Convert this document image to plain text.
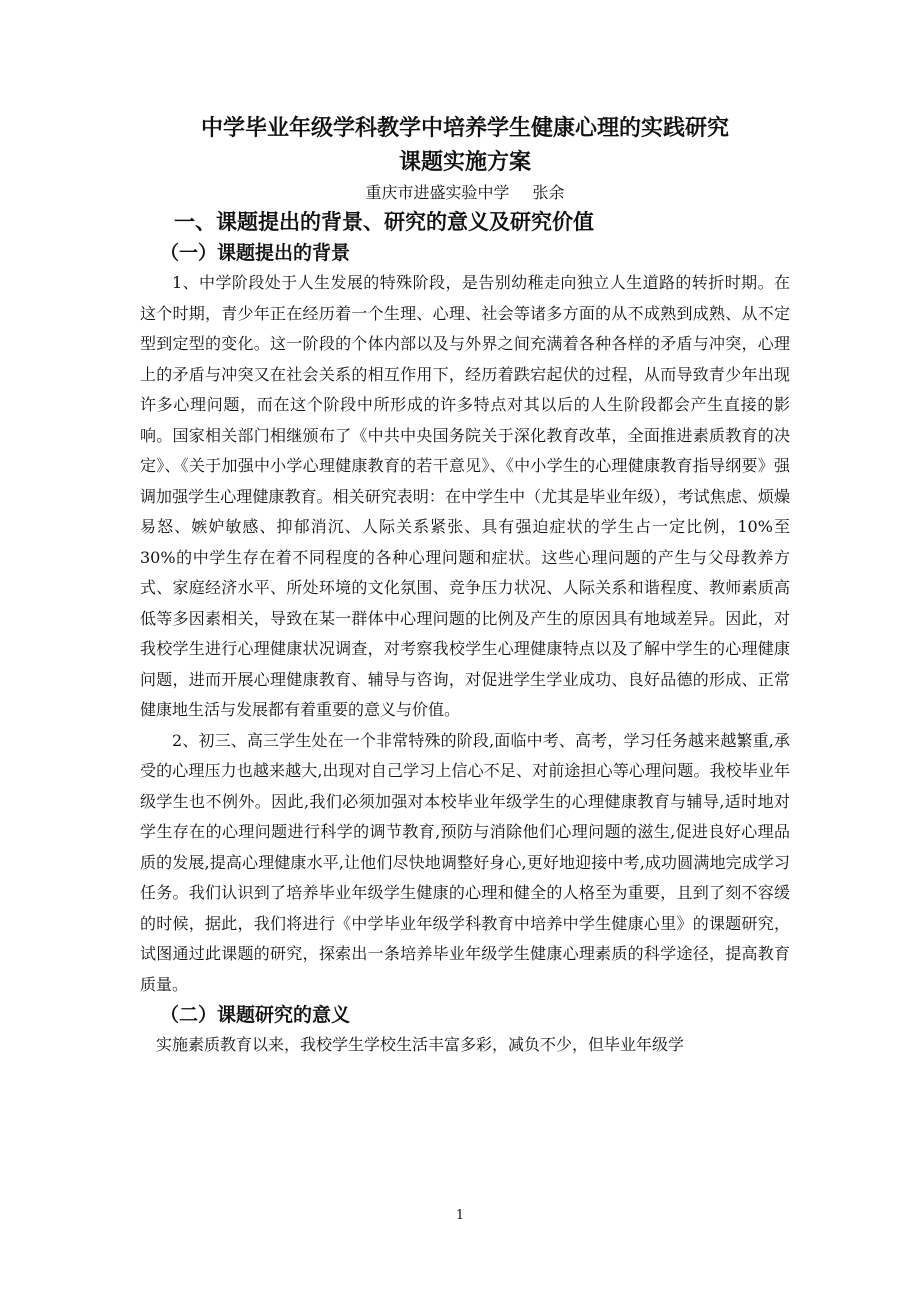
中学毕业年级学科教学中培养学生健康心理的实践研究
课题实施方案

重庆市进盛实验中学 张余

一、课题提出的背景、研究的意义及研究价值
（一）课题提出的背景

1、中学阶段处于人生发展的特殊阶段，是告别幼稚走向独立人生道路的转折时期。在这个时期，青少年正在经历着一个生理、心理、社会等诸多方面的从不成熟到成熟、从不定型到定型的变化。这一阶段的个体内部以及与外界之间充满着各种各样的矛盾与冲突，心理上的矛盾与冲突又在社会关系的相互作用下，经历着跌宕起伏的过程，从而导致青少年出现许多心理问题，而在这个阶段中所形成的许多特点对其以后的人生阶段都会产生直接的影响。国家相关部门相继颁布了《中共中央国务院关于深化教育改革，全面推进素质教育的决定》、《关于加强中小学心理健康教育的若干意见》、《中小学生的心理健康教育指导纲要》强调加强学生心理健康教育。相关研究表明：在中学生中（尤其是毕业年级），考试焦虑、烦燥易怒、嫉妒敏感、抑郁消沉、人际关系紧张、具有强迫症状的学生占一定比例，10%至 30%的中学生存在着不同程度的各种心理问题和症状。这些心理问题的产生与父母教养方式、家庭经济水平、所处环境的文化氛围、竞争压力状况、人际关系和谐程度、教师素质高低等多因素相关，导致在某一群体中心理问题的比例及产生的原因具有地域差异。因此，对我校学生进行心理健康状况调查，对考察我校学生心理健康特点以及了解中学生的心理健康问题，进而开展心理健康教育、辅导与咨询，对促进学生学业成功、良好品德的形成、正常健康地生活与发展都有着重要的意义与价值。

2、初三、高三学生处在一个非常特殊的阶段,面临中考、高考，学习任务越来越繁重,承受的心理压力也越来越大,出现对自己学习上信心不足、对前途担心等心理问题。我校毕业年级学生也不例外。因此,我们必须加强对本校毕业年级学生的心理健康教育与辅导,适时地对学生存在的心理问题进行科学的调节教育,预防与消除他们心理问题的滋生,促进良好心理品质的发展,提高心理健康水平,让他们尽快地调整好身心,更好地迎接中考,成功圆满地完成学习任务。我们认识到了培养毕业年级学生健康的心理和健全的人格至为重要，且到了刻不容缓的时候，据此，我们将进行《中学毕业年级学科教育中培养中学生健康心里》的课题研究，试图通过此课题的研究，探索出一条培养毕业年级学生健康心理素质的科学途径，提高教育质量。

（二）课题研究的意义

实施素质教育以来，我校学生学校生活丰富多彩，减负不少，但毕业年级学

1
